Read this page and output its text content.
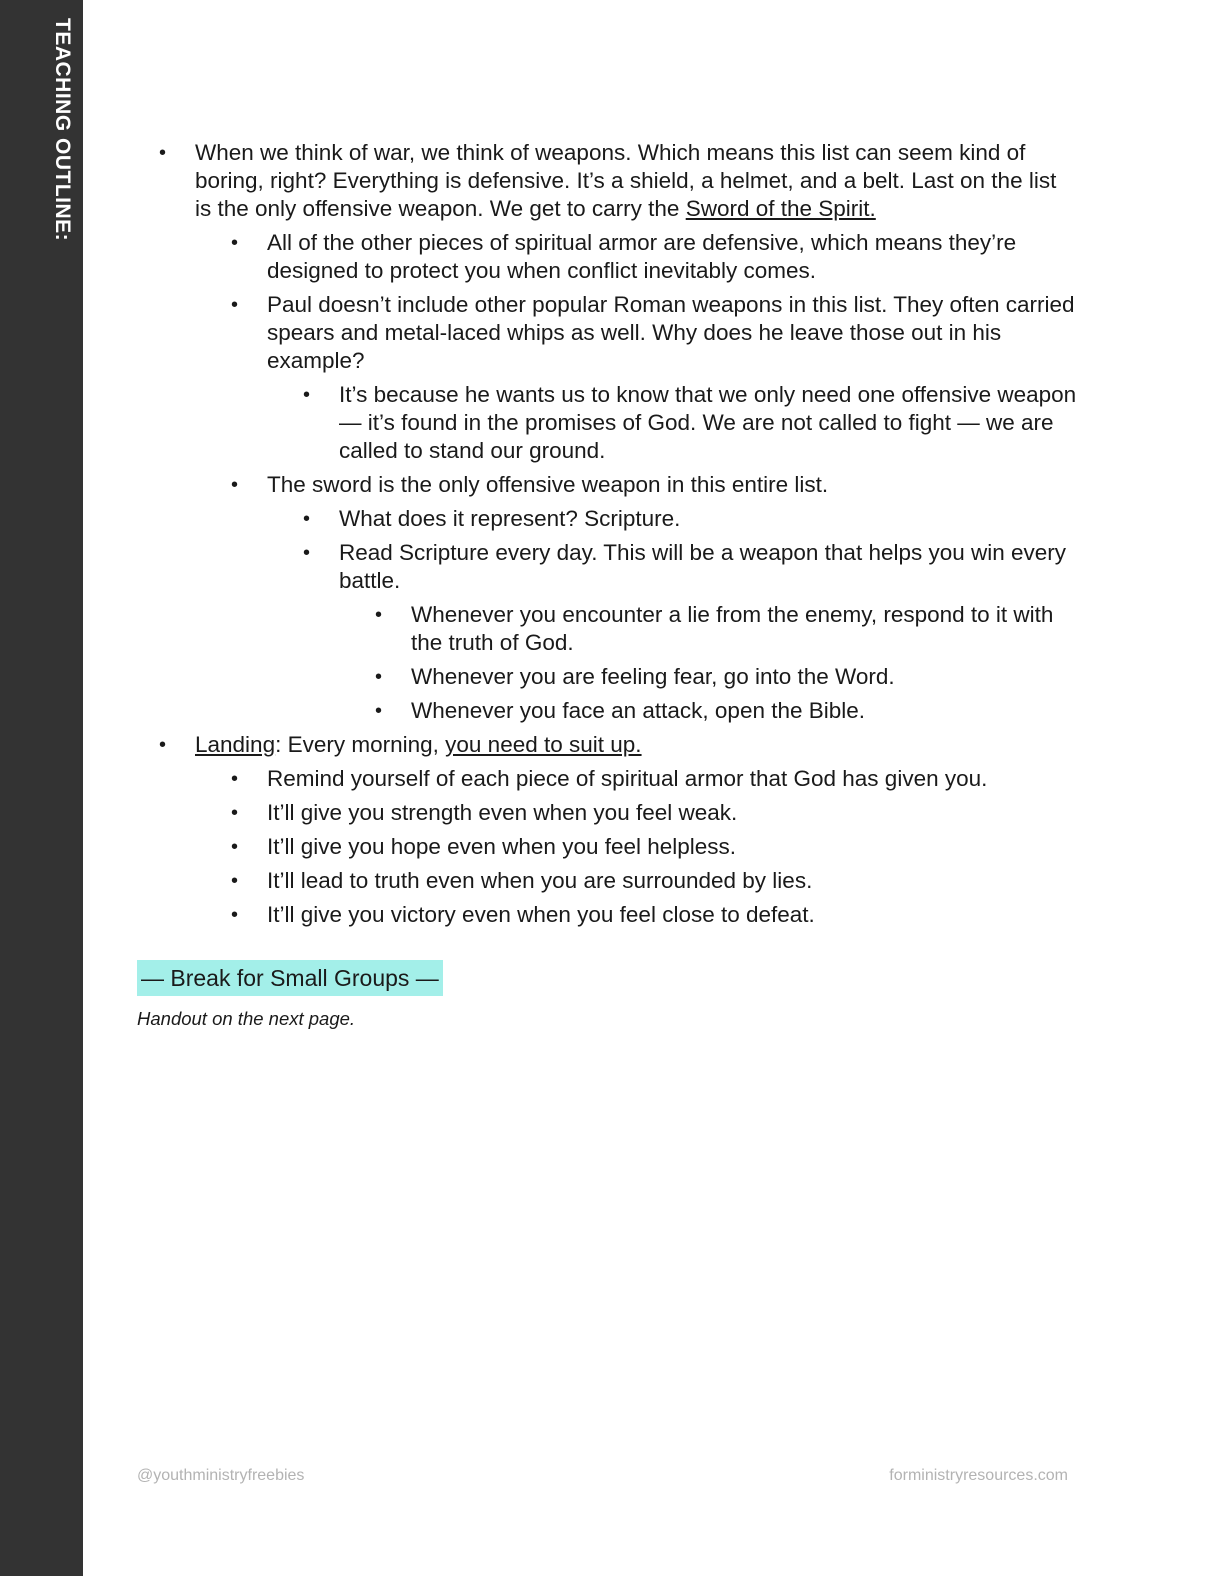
TEACHING OUTLINE:
•	When we think of war, we think of weapons. Which means this list can seem kind of boring, right? Everything is defensive. It’s a shield, a helmet, and a belt. Last on the list is the only offensive weapon. We get to carry the Sword of the Spirit.
• All of the other pieces of spiritual armor are defensive, which means they’re designed to protect you when conflict inevitably comes.
• Paul doesn’t include other popular Roman weapons in this list. They often carried spears and metal-laced whips as well. Why does he leave those out in his example?
• It’s because he wants us to know that we only need one offensive weapon — it’s found in the promises of God. We are not called to fight — we are called to stand our ground.
• The sword is the only offensive weapon in this entire list.
• What does it represent? Scripture.
• Read Scripture every day. This will be a weapon that helps you win every battle.
• Whenever you encounter a lie from the enemy, respond to it with the truth of God.
• Whenever you are feeling fear, go into the Word.
• Whenever you face an attack, open the Bible.
• Landing: Every morning, you need to suit up.
• Remind yourself of each piece of spiritual armor that God has given you.
• It’ll give you strength even when you feel weak.
• It’ll give you hope even when you feel helpless.
• It’ll lead to truth even when you are surrounded by lies.
• It’ll give you victory even when you feel close to defeat.
— Break for Small Groups —
Handout on the next page.
@youthministryfreebies	forministryresources.com
